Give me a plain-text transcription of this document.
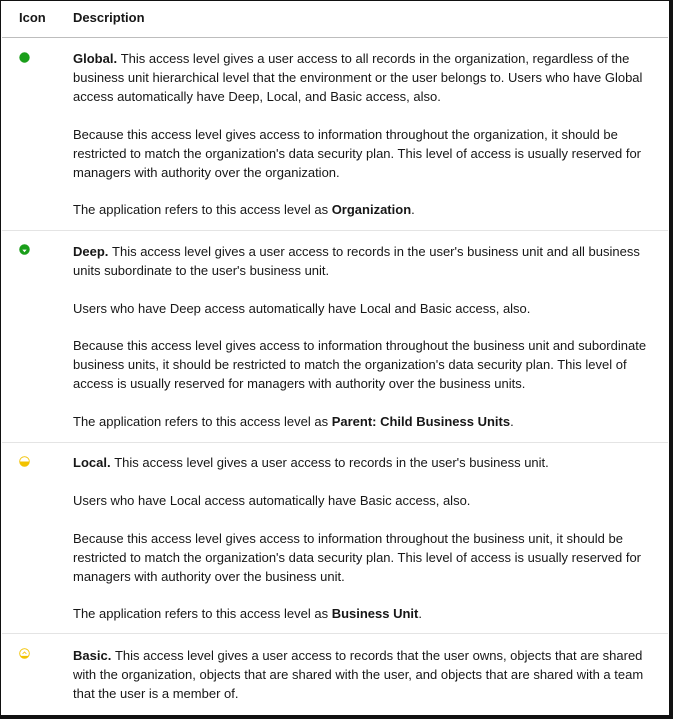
Icon Description

Global. This access level gives a user access to all records in the organization, regardless of the business unit hierarchical level that the environment or the user belongs to. Users who have Global access automatically have Deep, Local, and Basic access, also.

Because this access level gives access to information throughout the organization, it should be restricted to match the organization's data security plan. This level of access is usually reserved for managers with authority over the organization.

The application refers to this access level as Organization.

Deep. This access level gives a user access to records in the user's business unit and all business units subordinate to the user's business unit.

Users who have Deep access automatically have Local and Basic access, also.

Because this access level gives access to information throughout the business unit and subordinate business units, it should be restricted to match the organization's data security plan. This level of access is usually reserved for managers with authority over the business units.

The application refers to this access level as Parent: Child Business Units.

Local. This access level gives a user access to records in the user's business unit.

Users who have Local access automatically have Basic access, also.

Because this access level gives access to information throughout the business unit, it should be restricted to match the organization's data security plan. This level of access is usually reserved for managers with authority over the business unit.

The application refers to this access level as Business Unit.

Basic. This access level gives a user access to records that the user owns, objects that are shared with the organization, objects that are shared with the user, and objects that are shared with a team that the user is a member of.
